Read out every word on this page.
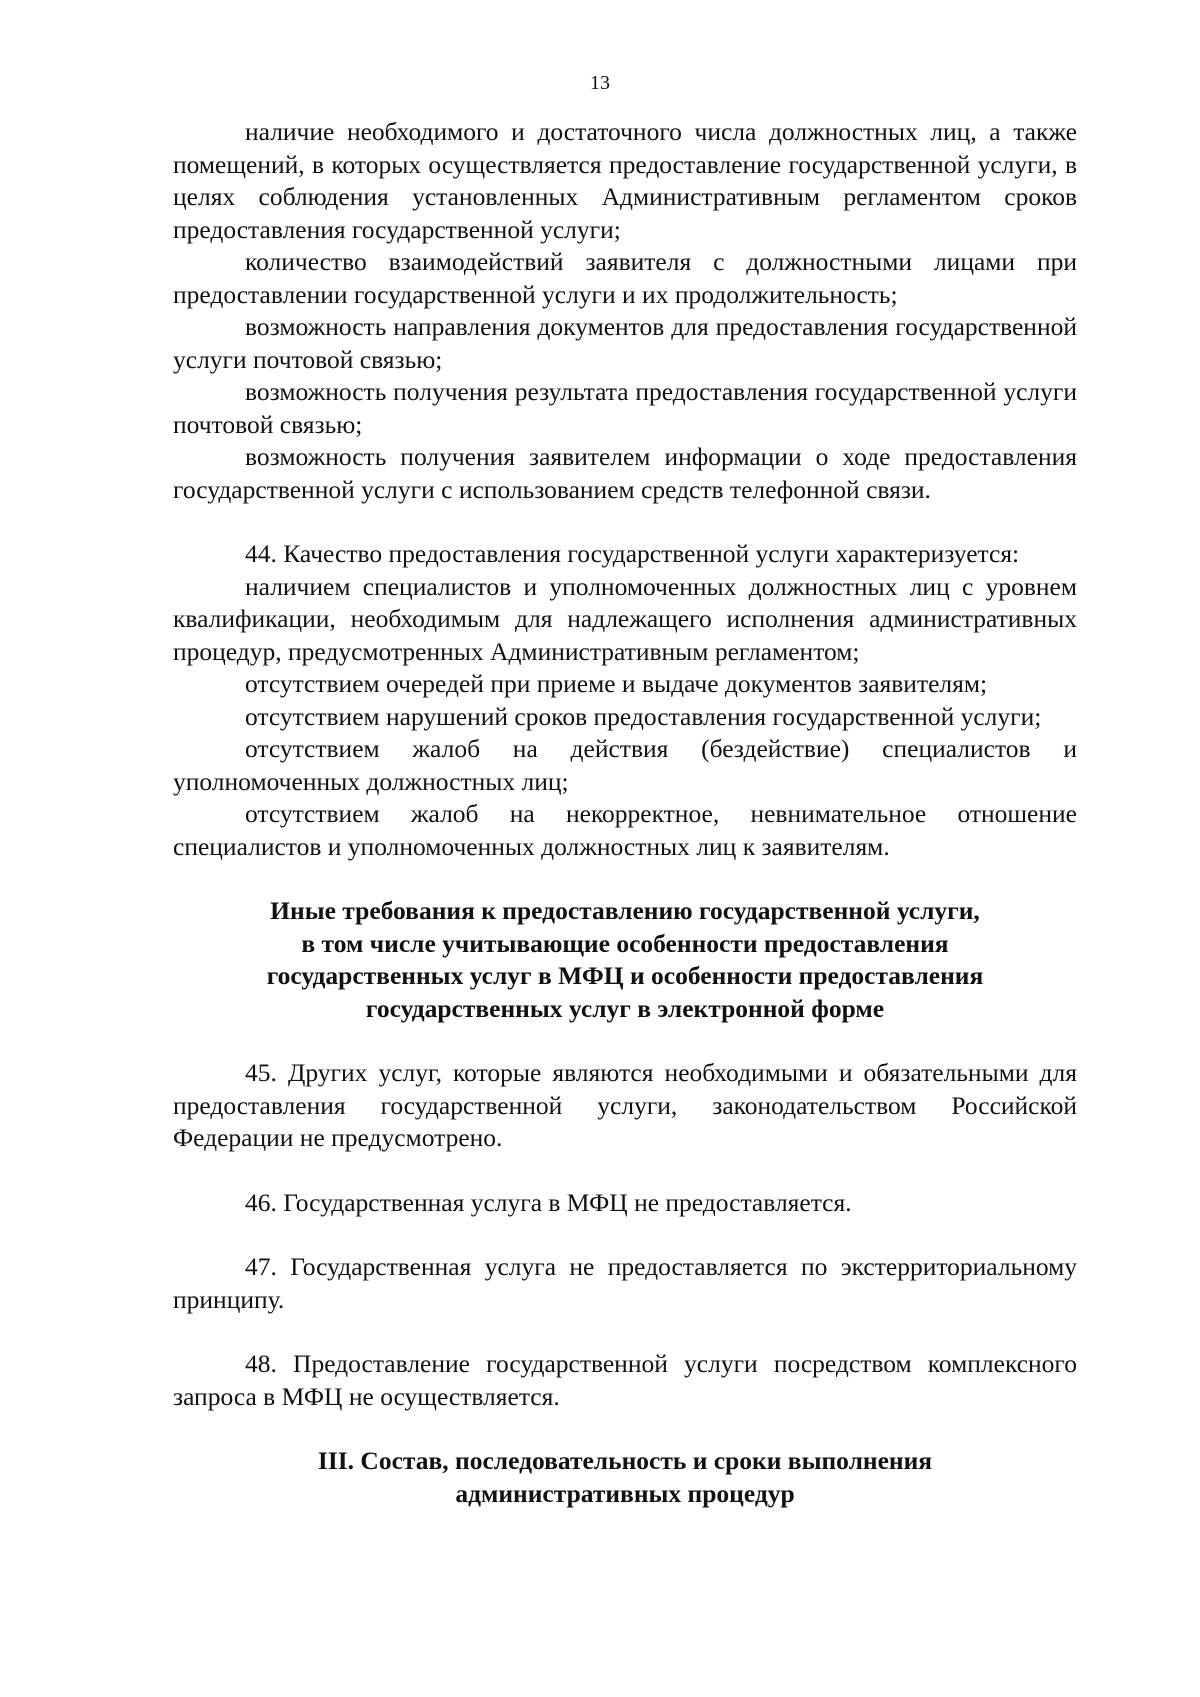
13

наличие необходимого и достаточного числа должностных лиц, а также помещений, в которых осуществляется предоставление государственной услуги, в целях соблюдения установленных Административным регламентом сроков предоставления государственной услуги;

количество взаимодействий заявителя с должностными лицами при предоставлении государственной услуги и их продолжительность;

возможность направления документов для предоставления государственной услуги почтовой связью;

возможность получения результата предоставления государственной услуги почтовой связью;

возможность получения заявителем информации о ходе предоставления государственной услуги с использованием средств телефонной связи.

44. Качество предоставления государственной услуги характеризуется:

наличием специалистов и уполномоченных должностных лиц с уровнем квалификации, необходимым для надлежащего исполнения административных процедур, предусмотренных Административным регламентом;

отсутствием очередей при приеме и выдаче документов заявителям;

отсутствием нарушений сроков предоставления государственной услуги;

отсутствием жалоб на действия (бездействие) специалистов и уполномоченных должностных лиц;

отсутствием жалоб на некорректное, невнимательное отношение специалистов и уполномоченных должностных лиц к заявителям.

Иные требования к предоставлению государственной услуги,
в том числе учитывающие особенности предоставления
государственных услуг в МФЦ и особенности предоставления
государственных услуг в электронной форме

45. Других услуг, которые являются необходимыми и обязательными для предоставления государственной услуги, законодательством Российской Федерации не предусмотрено.

46. Государственная услуга в МФЦ не предоставляется.

47. Государственная услуга не предоставляется по экстерриториальному принципу.

48. Предоставление государственной услуги посредством комплексного запроса в МФЦ не осуществляется.

III. Состав, последовательность и сроки выполнения
административных процедур
